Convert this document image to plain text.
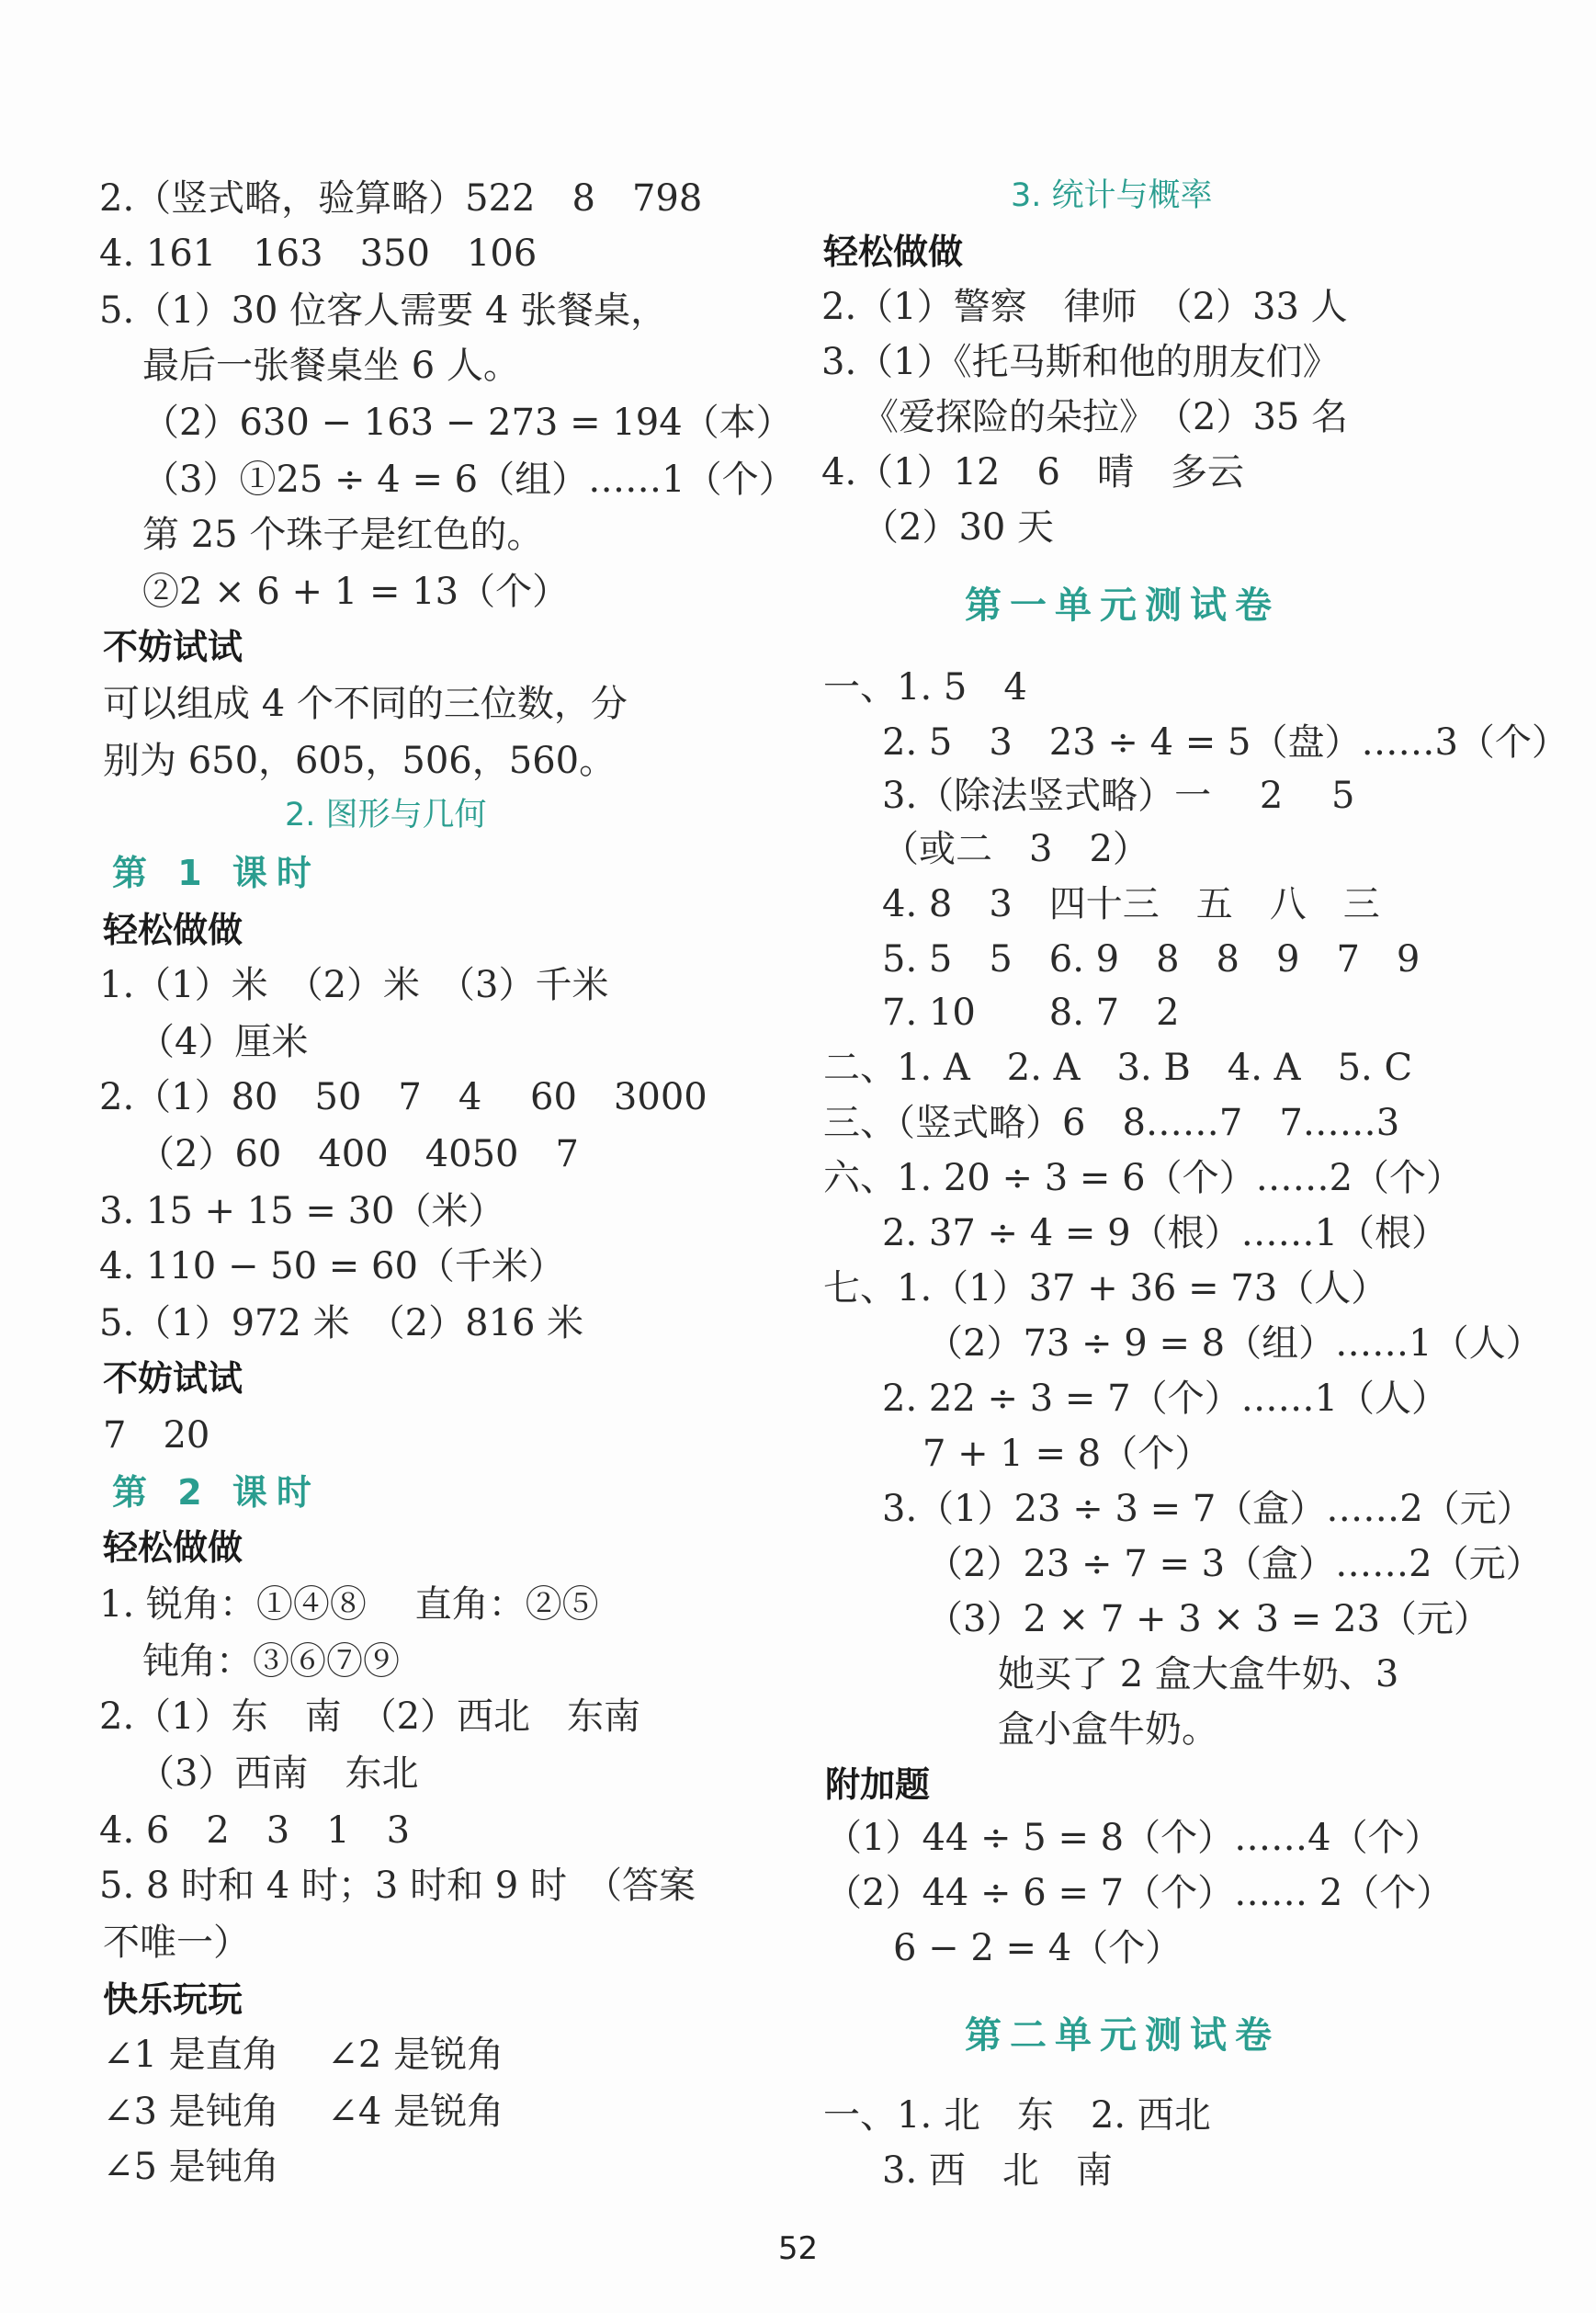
2.（竖式略，验算略）522　8　798
4. 161　163　350　106
5.（1）30 位客人需要 4 张餐桌，
最后一张餐桌坐 6 人。
（2）630 − 163 − 273 = 194（本）
（3）①25 ÷ 4 = 6（组）……1（个）
第 25 个珠子是红色的。
②2 × 6 + 1 = 13（个）
不妨试试
可以组成 4 个不同的三位数，分
别为 650，605，506，560。
2. 图形与几何
第 1 课时
轻松做做
1.（1）米　（2）米　（3）千米
（4）厘米
2.（1）80　50　7　4　 60　3000
（2）60　400　4050　7
3. 15 + 15 = 30（米）
4. 110 − 50 = 60（千米）
5.（1）972 米　（2）816 米
不妨试试
7　20
第 2 课时
轻松做做
1. 锐角：①④⑧　 直角：②⑤
钝角：③⑥⑦⑨
2.（1）东　南　（2）西北　东南
（3）西南　东北
4. 6　2　3　1　3
5. 8 时和 4 时；3 时和 9 时　（答案
不唯一）
快乐玩玩
∠1 是直角　 ∠2 是锐角
∠3 是钝角　 ∠4 是锐角
∠5 是钝角
3. 统计与概率
轻松做做
2.（1）警察　律师　（2）33 人
3.（1）《托马斯和他的朋友们》
《爱探险的朵拉》　（2）35 名
4.（1）12　6　晴　多云
（2）30 天
第一单元测试卷
一、1. 5　4
2. 5　3　23 ÷ 4 = 5（盘）……3（个）
3.（除法竖式略）一　 2　 5
（或二　3　2）
4. 8　3　四十三　五　八　三
5. 5　5　6. 9　8　8　9　7　9
7. 10　　8. 7　2
二、1. A　2. A　3. B　4. A　5. C
三、（竖式略）6　8……7　7……3
六、1. 20 ÷ 3 = 6（个）……2（个）
2. 37 ÷ 4 = 9（根）……1（根）
七、1.（1）37 + 36 = 73（人）
（2）73 ÷ 9 = 8（组）……1（人）
2. 22 ÷ 3 = 7（个）……1（人）
7 + 1 = 8（个）
3.（1）23 ÷ 3 = 7（盒）……2（元）
（2）23 ÷ 7 = 3（盒）……2（元）
（3）2 × 7 + 3 × 3 = 23（元）
她买了 2 盒大盒牛奶、3
盒小盒牛奶。
附加题
（1）44 ÷ 5 = 8（个）……4（个）
（2）44 ÷ 6 = 7（个）…… 2（个）
6 − 2 = 4（个）
第二单元测试卷
一、1. 北　东　2. 西北
3. 西　北　南
52
